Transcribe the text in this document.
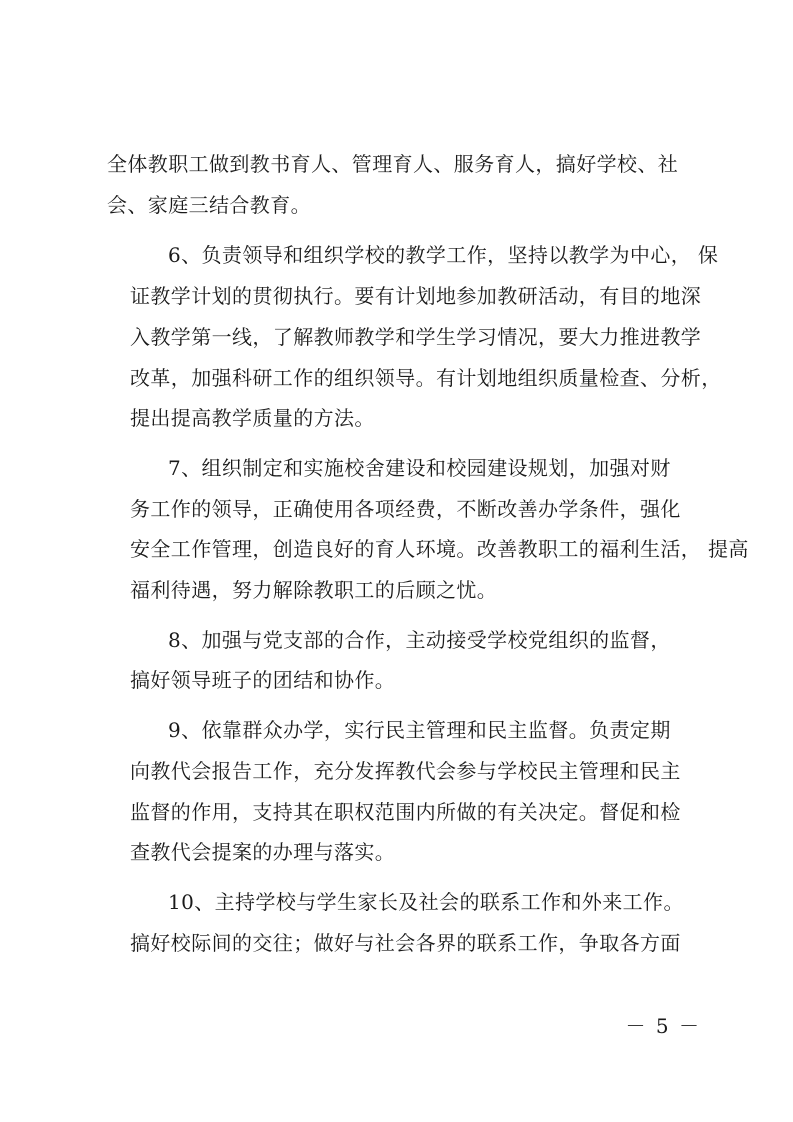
全体教职工做到教书育人、管理育人、服务育人，搞好学校、社
会、家庭三结合教育。
6、负责领导和组织学校的教学工作，坚持以教学为中心， 保
证教学计划的贯彻执行。要有计划地参加教研活动，有目的地深
入教学第一线，了解教师教学和学生学习情况，要大力推进教学
改革，加强科研工作的组织领导。有计划地组织质量检查、分析，
提出提高教学质量的方法。
7、组织制定和实施校舍建设和校园建设规划，加强对财
务工作的领导，正确使用各项经费，不断改善办学条件，强化
安全工作管理，创造良好的育人环境。改善教职工的福利生活， 提高
福利待遇，努力解除教职工的后顾之忧。
8、加强与党支部的合作，主动接受学校党组织的监督，
搞好领导班子的团结和协作。
9、依靠群众办学，实行民主管理和民主监督。负责定期
向教代会报告工作，充分发挥教代会参与学校民主管理和民主
监督的作用，支持其在职权范围内所做的有关决定。督促和检
查教代会提案的办理与落实。
10、主持学校与学生家长及社会的联系工作和外来工作。
搞好校际间的交往；做好与社会各界的联系工作，争取各方面
－ 5 －
